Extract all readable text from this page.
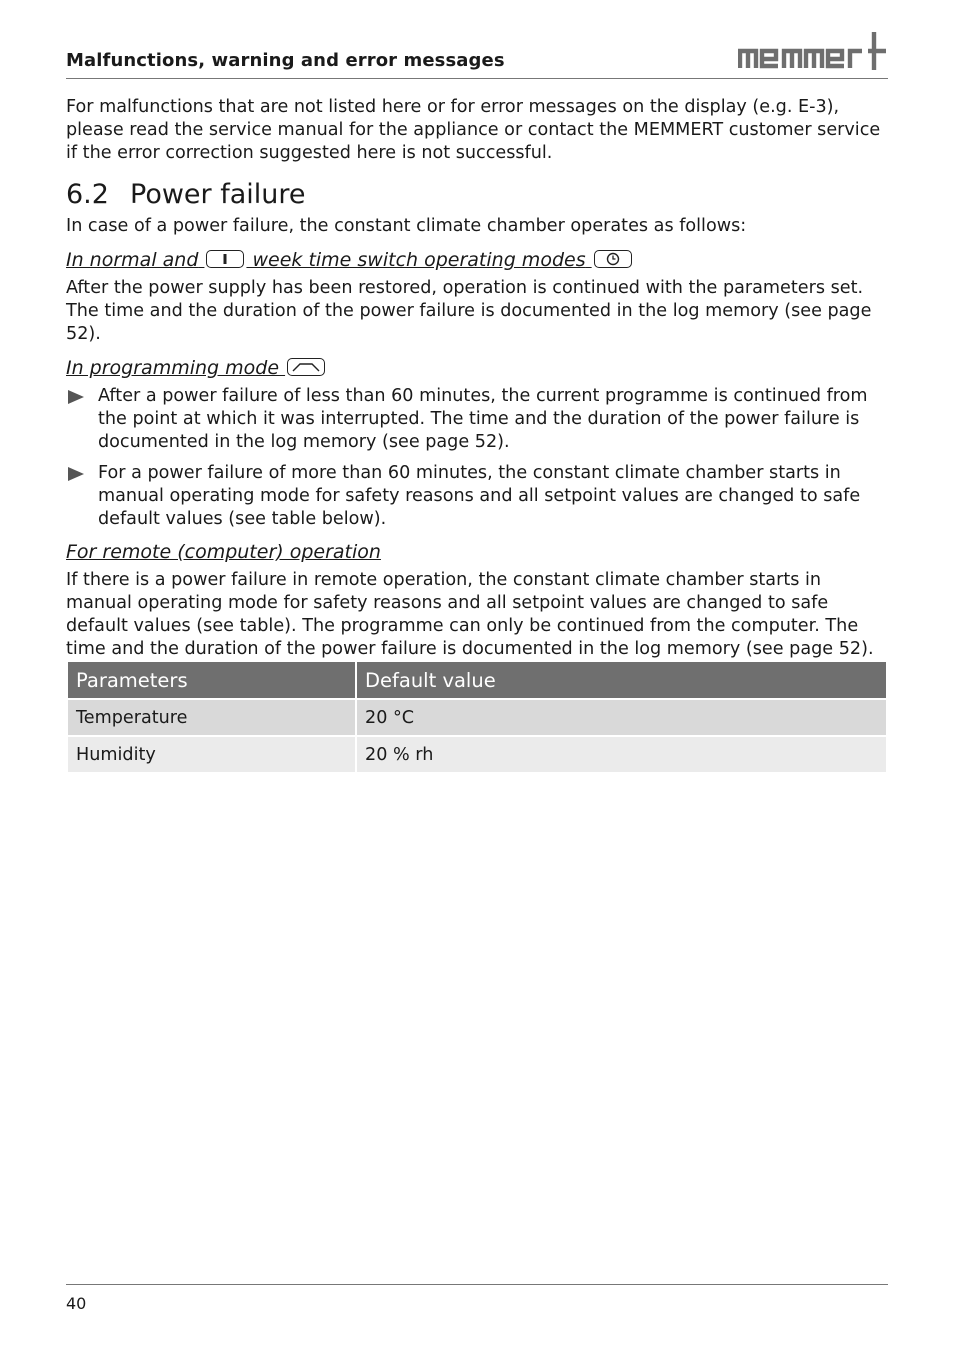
Malfunctions, warning and error messages

For malfunctions that are not listed here or for error messages on the display (e.g. E-3), please read the service manual for the appliance or contact the MEMMERT customer service if the error correction suggested here is not successful.

6.2 Power failure

In case of a power failure, the constant climate chamber operates as follows:

In normal and	week time switch operating modes

After the power supply has been restored, operation is continued with the parameters set. The time and the duration of the power failure is documented in the log memory (see page 52).

In programming mode

After a power failure of less than 60 minutes, the current programme is continued from the point at which it was interrupted. The time and the duration of the power failure is documented in the log memory (see page 52).
For a power failure of more than 60 minutes, the constant climate chamber starts in manual operating mode for safety reasons and all setpoint values are changed to safe default values (see table below).

For remote (computer) operation

If there is a power failure in remote operation, the constant climate chamber starts in manual operating mode for safety reasons and all setpoint values are changed to safe default values (see table). The programme can only be continued from the computer. The time and the duration of the power failure is documented in the log memory (see page 52).

Parameters	Default value
Temperature	20 °C
Humidity	20 % rh
40
